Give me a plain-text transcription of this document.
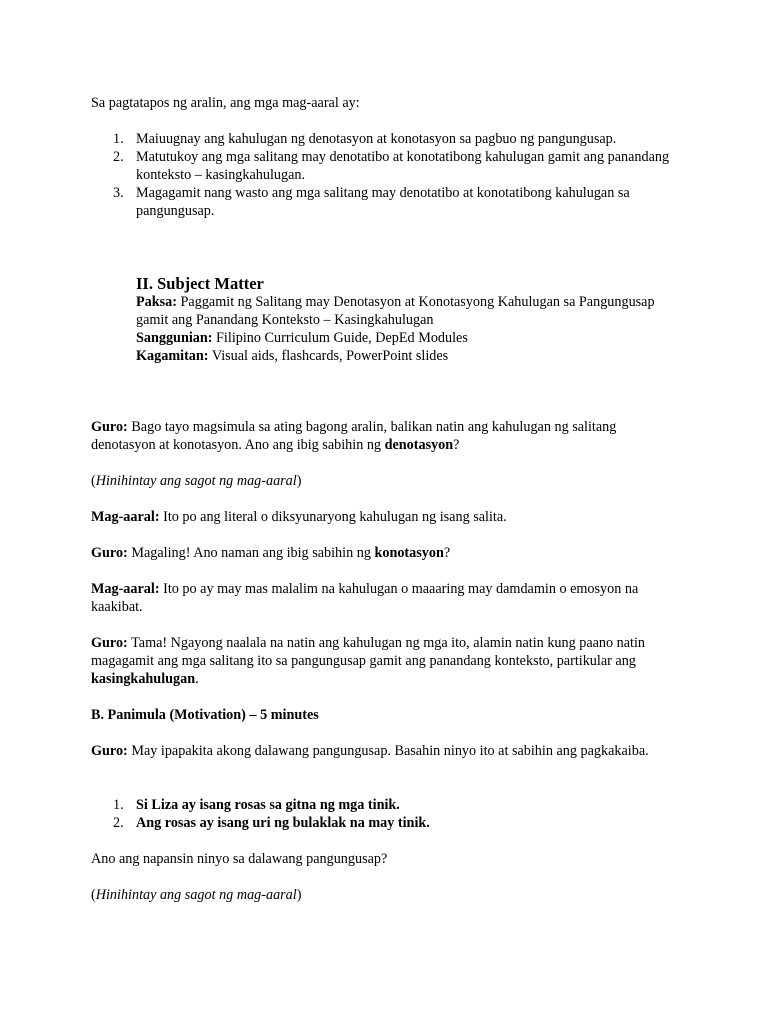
Sa pagtatapos ng aralin, ang mga mag-aaral ay:

1. Maiuugnay ang kahulugan ng denotasyon at konotasyon sa pagbuo ng pangungusap.
2. Matutukoy ang mga salitang may denotatibo at konotatibong kahulugan gamit ang panandang konteksto – kasingkahulugan.
3. Magagamit nang wasto ang mga salitang may denotatibo at konotatibong kahulugan sa pangungusap.
II. Subject Matter

Paksa: Paggamit ng Salitang may Denotasyon at Konotasyong Kahulugan sa Pangungusap gamit ang Panandang Konteksto – Kasingkahulugan

Sanggunian: Filipino Curriculum Guide, DepEd Modules

Kagamitan: Visual aids, flashcards, PowerPoint slides

Guro: Bago tayo magsimula sa ating bagong aralin, balikan natin ang kahulugan ng salitang denotasyon at konotasyon. Ano ang ibig sabihin ng denotasyon?

(Hinihintay ang sagot ng mag-aaral)

Mag-aaral: Ito po ang literal o diksyunaryong kahulugan ng isang salita.

Guro: Magaling! Ano naman ang ibig sabihin ng konotasyon?

Mag-aaral: Ito po ay may mas malalim na kahulugan o maaaring may damdamin o emosyon na kaakibat.

Guro: Tama! Ngayong naalala na natin ang kahulugan ng mga ito, alamin natin kung paano natin magagamit ang mga salitang ito sa pangungusap gamit ang panandang konteksto, partikular ang kasingkahulugan.

B. Panimula (Motivation) – 5 minutes

Guro: May ipapakita akong dalawang pangungusap. Basahin ninyo ito at sabihin ang pagkakaiba.

1. Si Liza ay isang rosas sa gitna ng mga tinik.
2. Ang rosas ay isang uri ng bulaklak na may tinik.

Ano ang napansin ninyo sa dalawang pangungusap?

(Hinihintay ang sagot ng mag-aaral)
